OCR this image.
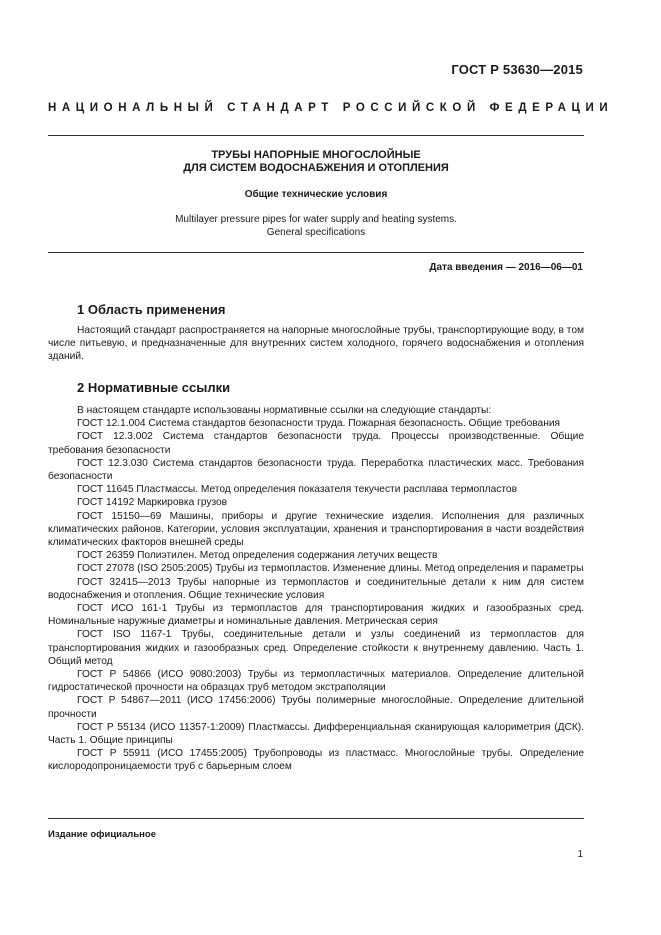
ГОСТ Р 53630—2015
НАЦИОНАЛЬНЫЙ СТАНДАРТ РОССИЙСКОЙ ФЕДЕРАЦИИ
ТРУБЫ НАПОРНЫЕ МНОГОСЛОЙНЫЕ
ДЛЯ СИСТЕМ ВОДОСНАБЖЕНИЯ И ОТОПЛЕНИЯ
Общие технические условия
Multilayer pressure pipes for water supply and heating systems.
General specifications
Дата введения — 2016—06—01
1 Область применения

Настоящий стандарт распространяется на напорные многослойные трубы, транспортирующие воду, в том числе питьевую, и предназначенные для внутренних систем холодного, горячего водоснабжения и отопления зданий.

2 Нормативные ссылки

В настоящем стандарте использованы нормативные ссылки на следующие стандарты:

ГОСТ 12.1.004 Система стандартов безопасности труда. Пожарная безопасность. Общие требования

ГОСТ 12.3.002 Система стандартов безопасности труда. Процессы производственные. Общие требования безопасности

ГОСТ 12.3.030 Система стандартов безопасности труда. Переработка пластических масс. Требования безопасности

ГОСТ 11645 Пластмассы. Метод определения показателя текучести расплава термопластов

ГОСТ 14192 Маркировка грузов

ГОСТ 15150—69 Машины, приборы и другие технические изделия. Исполнения для различных климатических районов. Категории, условия эксплуатации, хранения и транспортирования в части воздействия климатических факторов внешней среды

ГОСТ 26359 Полиэтилен. Метод определения содержания летучих веществ

ГОСТ 27078 (ISO 2505:2005) Трубы из термопластов. Изменение длины. Метод определения и параметры

ГОСТ 32415—2013 Трубы напорные из термопластов и соединительные детали к ним для систем водоснабжения и отопления. Общие технические условия

ГОСТ ИСО 161-1 Трубы из термопластов для транспортирования жидких и газообразных сред. Номинальные наружные диаметры и номинальные давления. Метрическая серия

ГОСТ ISO 1167-1 Трубы, соединительные детали и узлы соединений из термопластов для транспортирования жидких и газообразных сред. Определение стойкости к внутреннему давлению. Часть 1. Общий метод

ГОСТ Р 54866 (ИСО 9080:2003) Трубы из термопластичных материалов. Определение длительной гидростатической прочности на образцах труб методом экстраполяции

ГОСТ Р 54867—2011 (ИСО 17456:2006) Трубы полимерные многослойные. Определение длительной прочности

ГОСТ Р 55134 (ИСО 11357-1:2009) Пластмассы. Дифференциальная сканирующая калориметрия (ДСК). Часть 1. Общие принципы

ГОСТ Р 55911 (ИСО 17455:2005) Трубопроводы из пластмасс. Многослойные трубы. Определение кислородопроницаемости труб с барьерным слоем

Издание официальное
1
